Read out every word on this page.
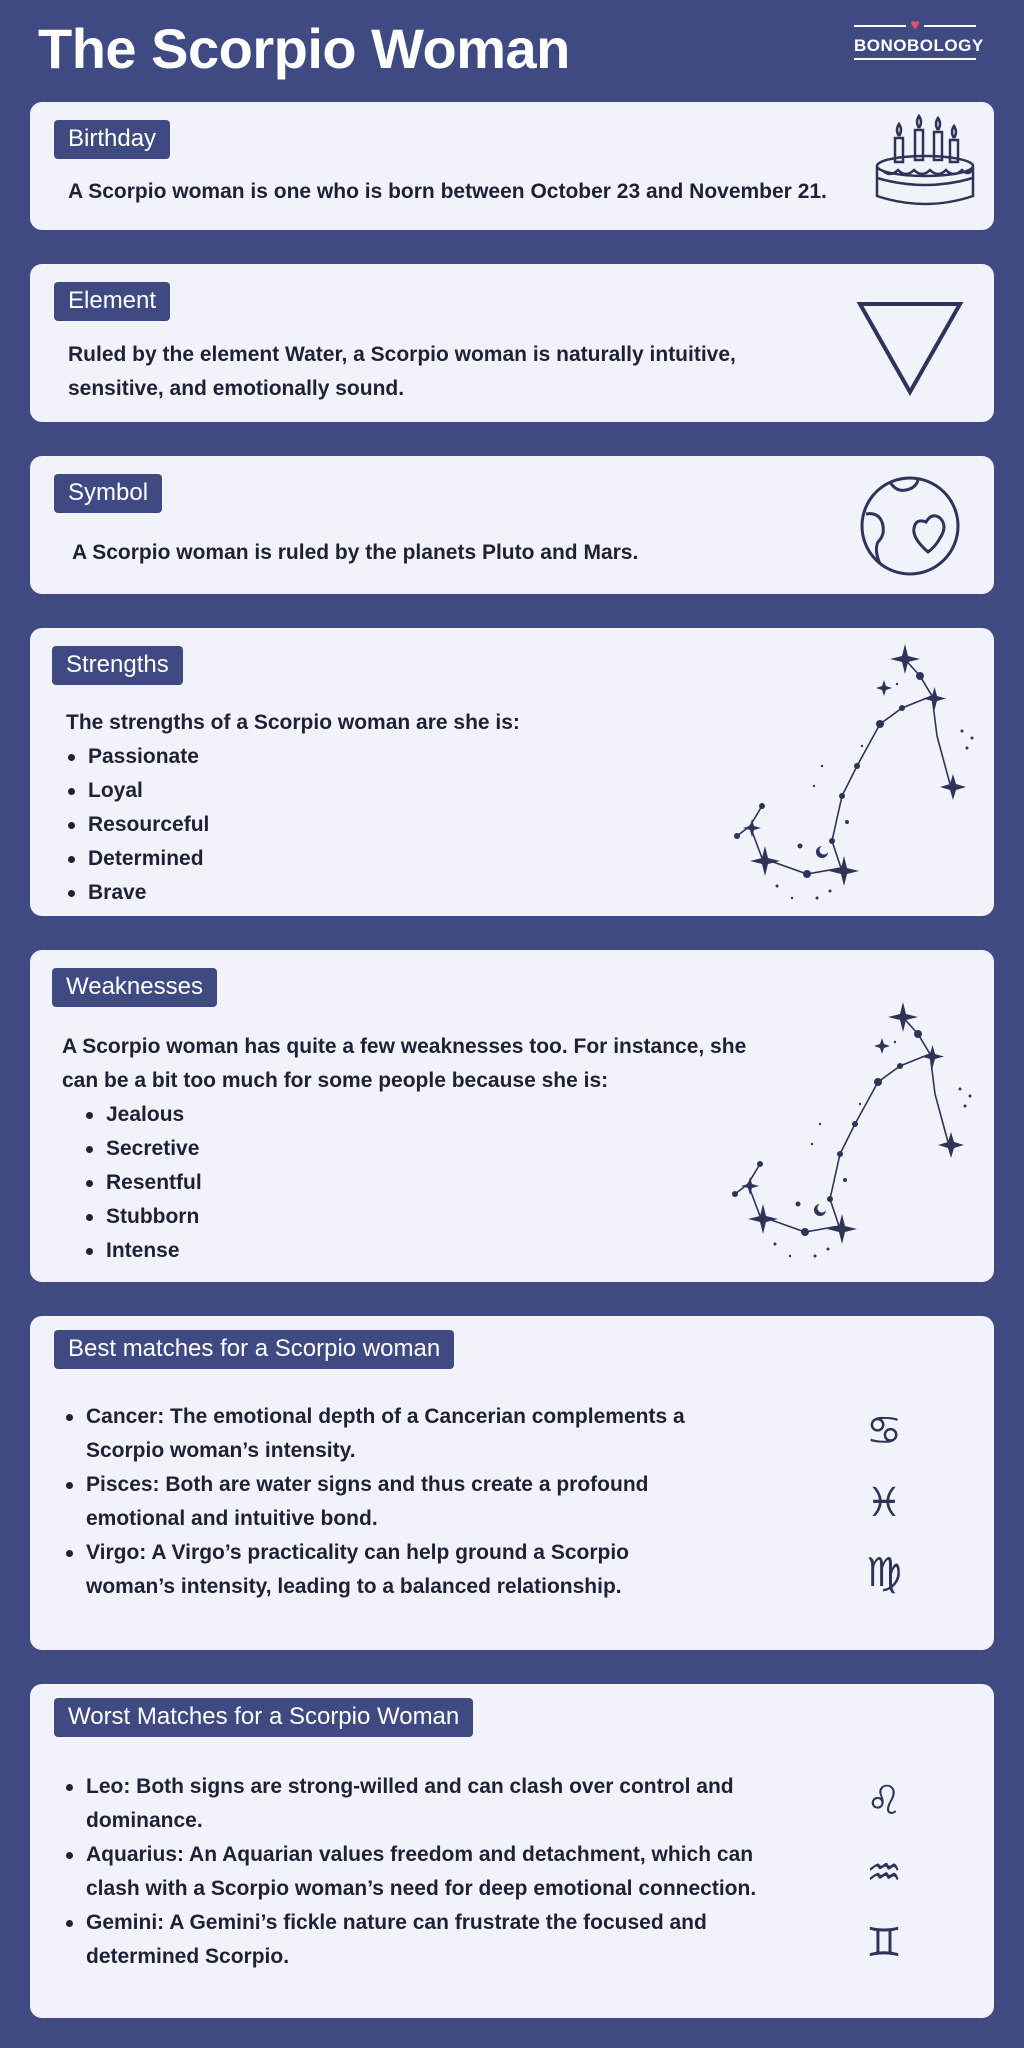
The Scorpio Woman	♥
BONOBOLOGY
Birthday
A Scorpio woman is one who is born between October 23 and November 21.
Element
Ruled by the element Water, a Scorpio woman is naturally intuitive,
sensitive, and emotionally sound.
Symbol
A Scorpio woman is ruled by the planets Pluto and Mars.
Strengths
The strengths of a Scorpio woman are she is:
Passionate
Loyal
Resourceful
Determined
Brave
Weaknesses
A Scorpio woman has quite a few weaknesses too. For instance, she
can be a bit too much for some people because she is:
Jealous
Secretive
Resentful
Stubborn
Intense
Best matches for a Scorpio woman
Cancer: The emotional depth of a Cancerian complements a
Scorpio woman’s intensity.
Pisces: Both are water signs and thus create a profound
emotional and intuitive bond.
Virgo: A Virgo’s practicality can help ground a Scorpio
woman’s intensity, leading to a balanced relationship.
♋
♓
♍
Worst Matches for a Scorpio Woman
Leo: Both signs are strong-willed and can clash over control and
dominance.
Aquarius: An Aquarian values freedom and detachment, which can
clash with a Scorpio woman’s need for deep emotional connection.
Gemini: A Gemini’s fickle nature can frustrate the focused and
determined Scorpio.
♌
♒
♊
